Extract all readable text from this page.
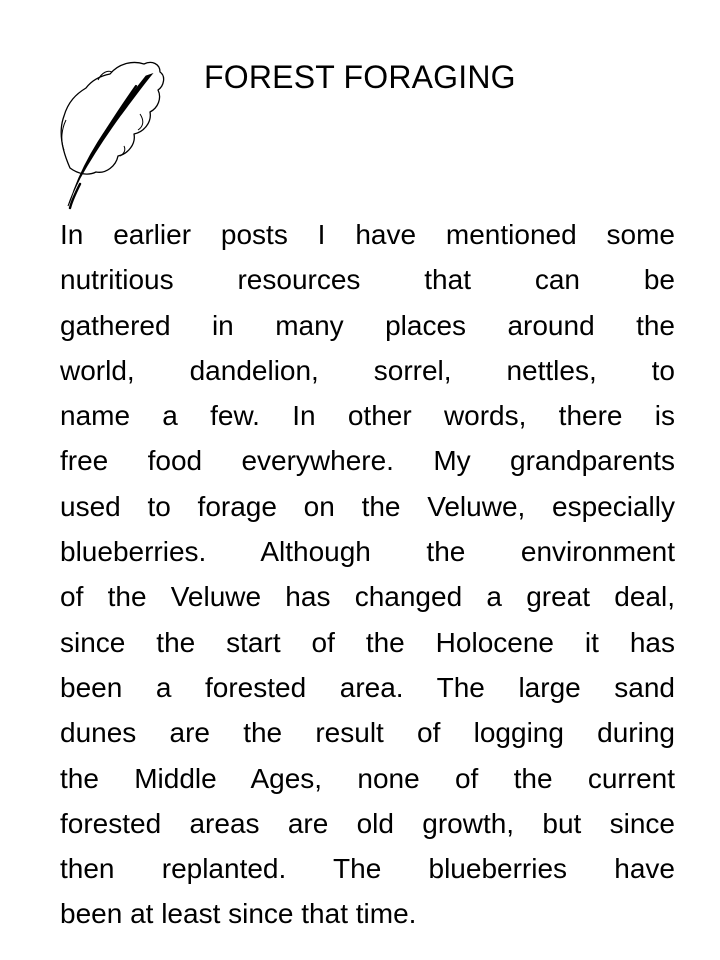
FOREST FORAGING
In earlier posts I have mentioned some
nutritious resources that can be
gathered in many places around the
world, dandelion, sorrel, nettles, to
name a few. In other words, there is
free food everywhere. My grandparents
used to forage on the Veluwe, especially
blueberries. Although the environment
of the Veluwe has changed a great deal,
since the start of the Holocene it has
been a forested area. The large sand
dunes are the result of logging during
the Middle Ages, none of the current
forested areas are old growth, but since
then replanted. The blueberries have
been at least since that time.
